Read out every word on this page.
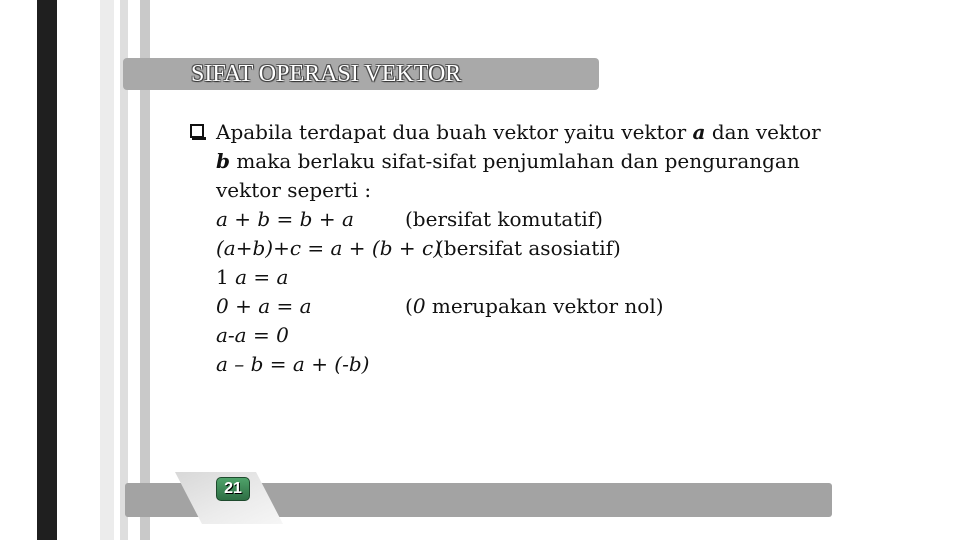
SIFAT OPERASI VEKTOR

Apabila terdapat dua buah vektor yaitu vektor a dan vektor b maka berlaku sifat-sifat penjumlahan dan pengurangan vektor seperti :

a + b = b + a	(bersifat komutatif)
(a+b)+c = a + (b + c)
(bersifat asosiatif)
1 a = a
0 + a = a	(0 merupakan vektor nol)
a-a = 0
a – b = a + (-b)
21
